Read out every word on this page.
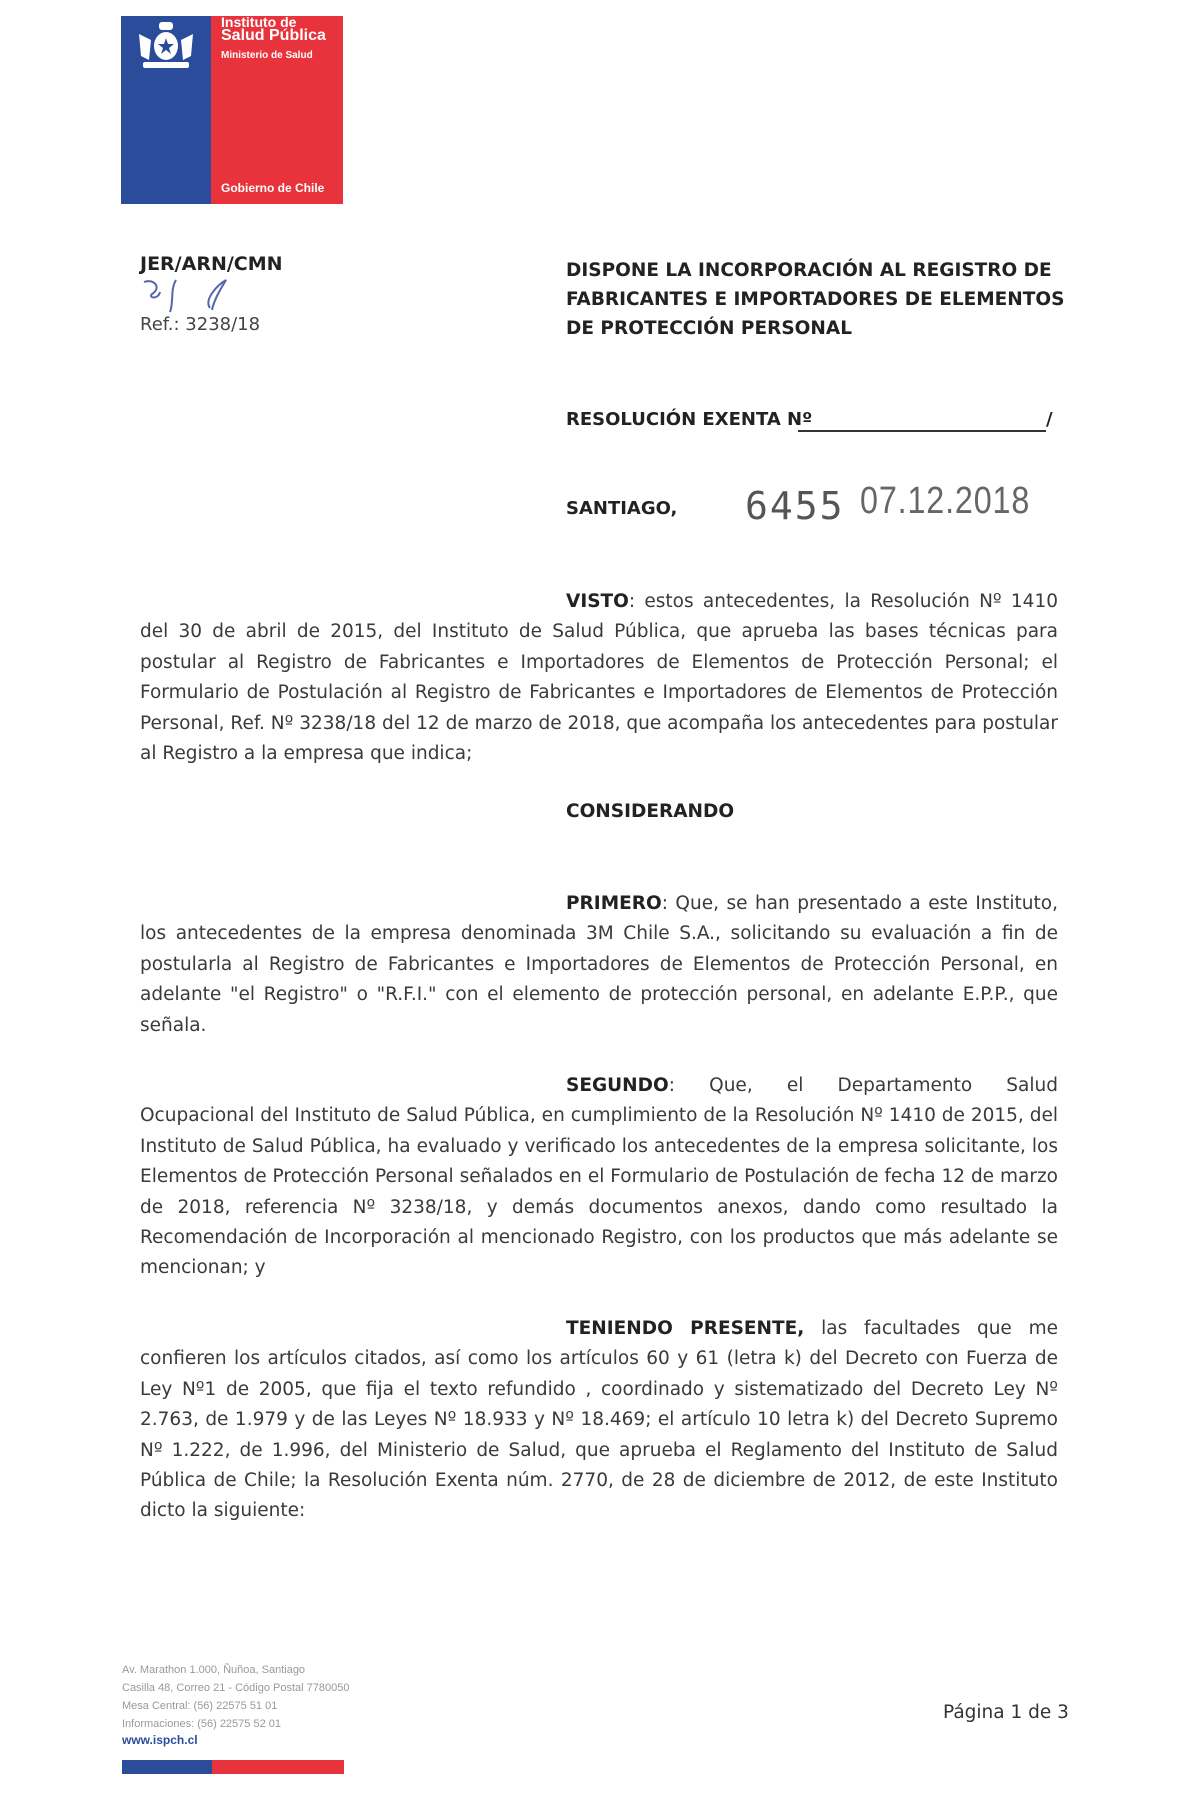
Instituto de
Salud Pública
Ministerio de Salud
Gobierno de Chile
JER/ARN/CMN
Ref.: 3238/18
DISPONE LA INCORPORACIÓN AL REGISTRO DE FABRICANTES E IMPORTADORES DE ELEMENTOS DE PROTECCIÓN PERSONAL
RESOLUCIÓN EXENTA Nº	/
SANTIAGO, 6455 07.12.2018
VISTO: estos antecedentes, la Resolución Nº 1410 del 30 de abril de 2015, del Instituto de Salud Pública, que aprueba las bases técnicas para postular al Registro de Fabricantes e Importadores de Elementos de Protección Personal; el Formulario de Postulación al Registro de Fabricantes e Importadores de Elementos de Protección Personal, Ref. Nº 3238/18 del 12 de marzo de 2018, que acompaña los antecedentes para postular al Registro a la empresa que indica;
CONSIDERANDO
PRIMERO: Que, se han presentado a este Instituto, los antecedentes de la empresa denominada 3M Chile S.A., solicitando su evaluación a fin de postularla al Registro de Fabricantes e Importadores de Elementos de Protección Personal, en adelante "el Registro" o "R.F.I." con el elemento de protección personal, en adelante E.P.P., que señala.
SEGUNDO: Que, el Departamento Salud Ocupacional del Instituto de Salud Pública, en cumplimiento de la Resolución Nº 1410 de 2015, del Instituto de Salud Pública, ha evaluado y verificado los antecedentes de la empresa solicitante, los Elementos de Protección Personal señalados en el Formulario de Postulación de fecha 12 de marzo de 2018, referencia Nº 3238/18, y demás documentos anexos, dando como resultado la Recomendación de Incorporación al mencionado Registro, con los productos que más adelante se mencionan; y
TENIENDO PRESENTE, las facultades que me confieren los artículos citados, así como los artículos 60 y 61 (letra k) del Decreto con Fuerza de Ley Nº1 de 2005, que fija el texto refundido , coordinado y sistematizado del Decreto Ley Nº 2.763, de 1.979 y de las Leyes Nº 18.933 y Nº 18.469; el artículo 10 letra k) del Decreto Supremo Nº 1.222, de 1.996, del Ministerio de Salud, que aprueba el Reglamento del Instituto de Salud Pública de Chile; la Resolución Exenta núm. 2770, de 28 de diciembre de 2012, de este Instituto dicto la siguiente:
Av. Marathon 1.000, Ñuñoa, Santiago
Casilla 48, Correo 21 - Código Postal 7780050
Mesa Central: (56) 22575 51 01
Informaciones: (56) 22575 52 01
www.ispch.cl
Página 1 de 3
